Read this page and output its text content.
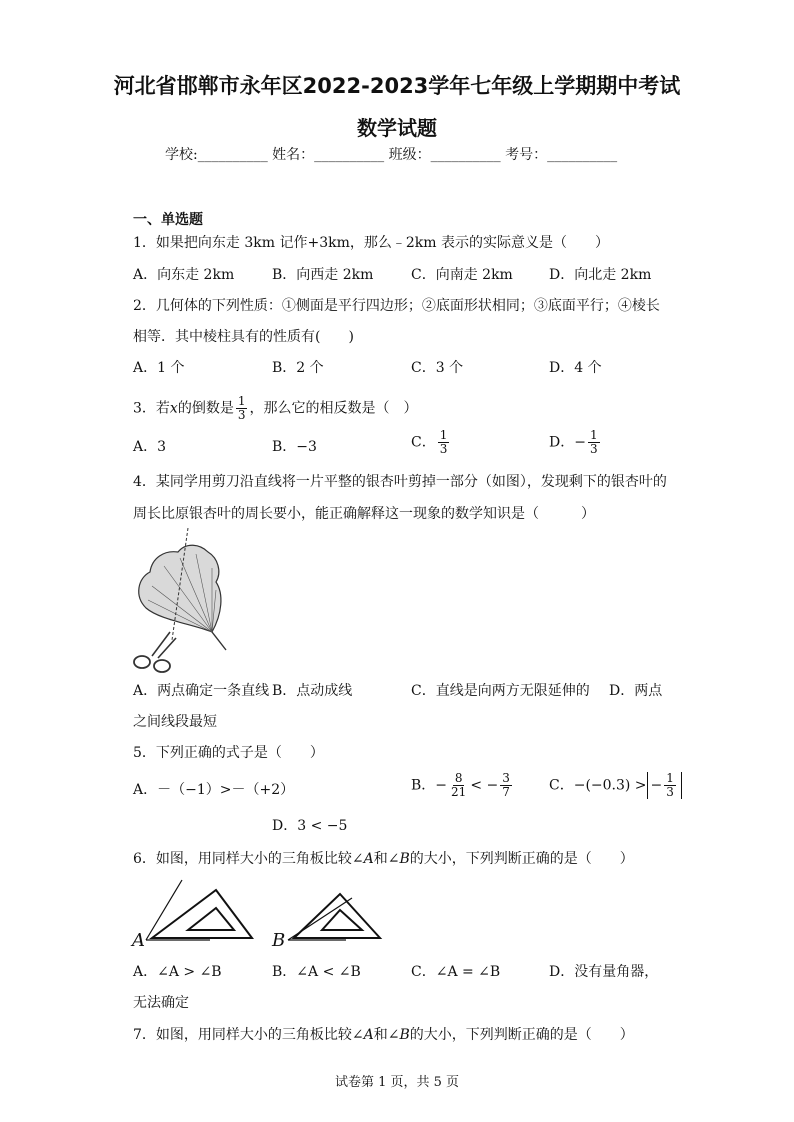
河北省邯郸市永年区2022-2023学年七年级上学期期中考试
数学试题
学校:__________ 姓名：__________ 班级：__________ 考号：__________
一、单选题
1．如果把向东走 3km 记作+3km，那么﹣2km 表示的实际意义是（　　）
A．向东走 2km	B．向西走 2km	C．向南走 2km	D．向北走 2km
2．几何体的下列性质：①侧面是平行四边形；②底面形状相同；③底面平行；④棱长
相等．其中棱柱具有的性质有(　　)
A．1 个	B．2 个	C．3 个	D．4 个
3．若x的倒数是 $\frac{1}{3}$ ，那么它的相反数是（　）
A．3	B．−3	C． $\frac{1}{3}$	D．− $\frac{1}{3}$
4．某同学用剪刀沿直线将一片平整的银杏叶剪掉一部分（如图），发现剩下的银杏叶的
周长比原银杏叶的周长要小，能正确解释这一现象的数学知识是（　　　）
A．两点确定一条直线 B．点动成线	C．直线是向两方无限延伸的 D．两点
之间线段最短
5．下列正确的式子是（　　）
A．－（−1）>－（+2）	B．− $\frac{8}{21}$ < − $\frac{3}{7}$	C．−(−0.3) > − $\frac{1}{3}$
D．3 < −5
6．如图，用同样大小的三角板比较∠A和∠B的大小，下列判断正确的是（　　）
A	B
A．∠A > ∠B	B．∠A < ∠B	C．∠A = ∠B	D．没有量角器，
无法确定
7．如图，用同样大小的三角板比较∠A和∠B的大小，下列判断正确的是（　　）
试卷第 1 页，共 5 页
